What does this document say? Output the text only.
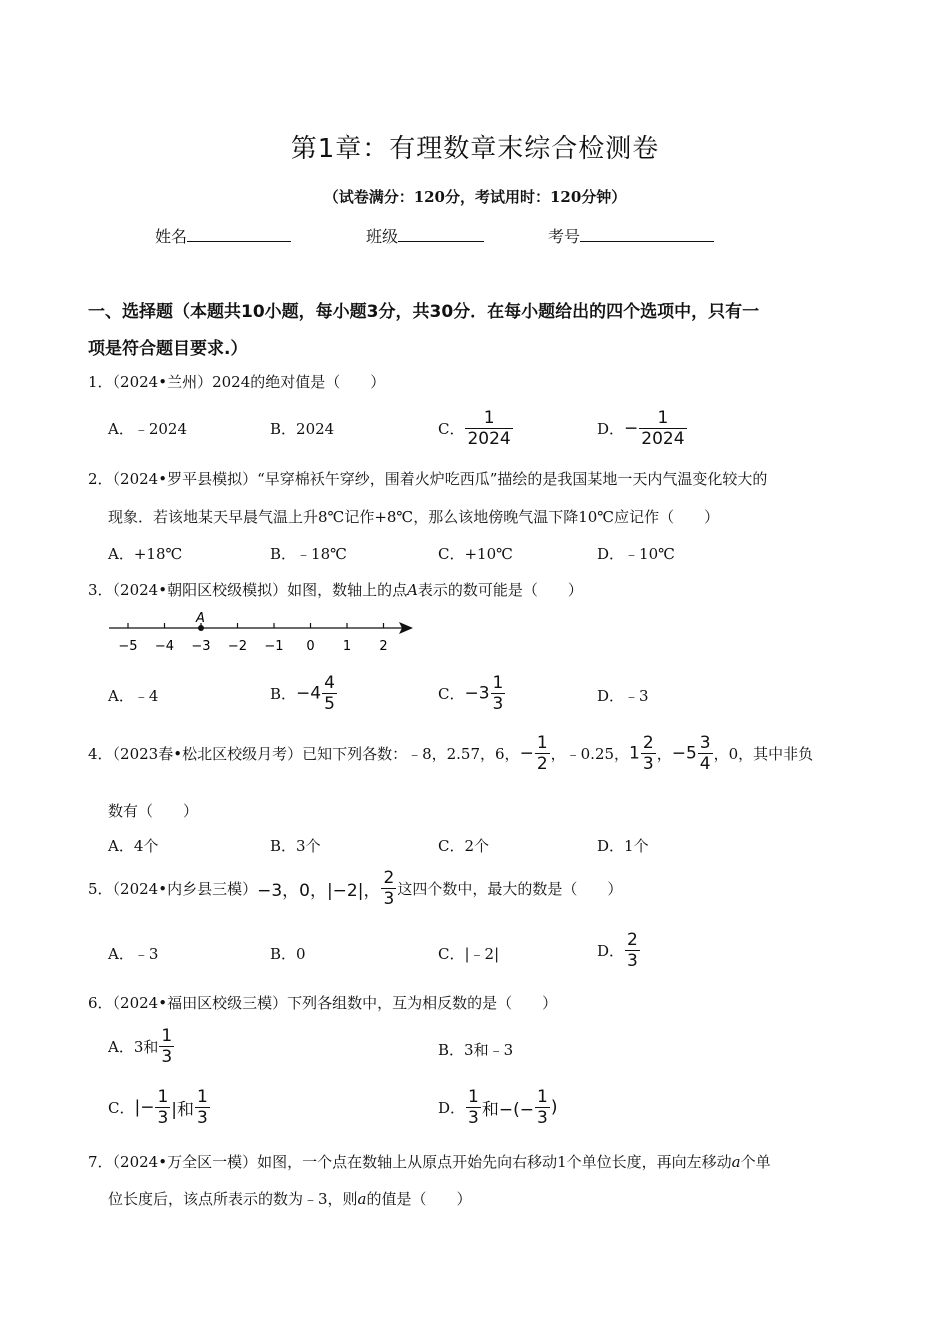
第1章：有理数章末综合检测卷
（试卷满分：120分，考试用时：120分钟）
姓名	班级	考号
一、选择题（本题共10小题，每小题3分，共30分．在每小题给出的四个选项中，只有一
项是符合题目要求.）
1．（2024•兰州）2024的绝对值是（　　）
A．﹣2024	B．2024	C． $\frac{1}{2024}$	D．− $\frac{1}{2024}$
2．（2024•罗平县模拟）“早穿棉袄午穿纱，围着火炉吃西瓜”描绘的是我国某地一天内气温变化较大的
现象．若该地某天早晨气温上升8℃记作+8℃，那么该地傍晚气温下降10℃应记作（　　）
A．+18℃	B．﹣18℃	C．+10℃	D．﹣10℃
3．（2024•朝阳区校级模拟）如图，数轴上的点A表示的数可能是（　　）
−5 −4 −3 −2 −1 0 1 2
A
A．﹣4	B．$-4 \frac{4}{5}$	C．$-3 \frac{1}{3}$	D．﹣3
4．（2023春•松北区校级月考）已知下列各数：﹣8，2.57，6，− $\frac{1}{2}$ ，﹣0.25，$1 \frac{2}{3}$ ，$-5 \frac{3}{4}$ ，0，其中非负
数有（　　）
A．4个	B．3个	C．2个	D．1个
5．（2024•内乡县三模）−3，0，|−2|， $\frac{2}{3}$ 这四个数中，最大的数是（　　）
A．﹣3	B．0	C．|﹣2|	D． $\frac{2}{3}$
6．（2024•福田区校级三模）下列各组数中，互为相反数的是（　　）
A．3和 $\frac{1}{3}$	B．3和﹣3
C．|− $\frac{1}{3}$ |和 $\frac{1}{3}$	D． $\frac{1}{3}$ 和−(− $\frac{1}{3}$ )
7．（2024•万全区一模）如图，一个点在数轴上从原点开始先向右移动1个单位长度，再向左移动a个单
位长度后，该点所表示的数为﹣3，则a的值是（　　）
